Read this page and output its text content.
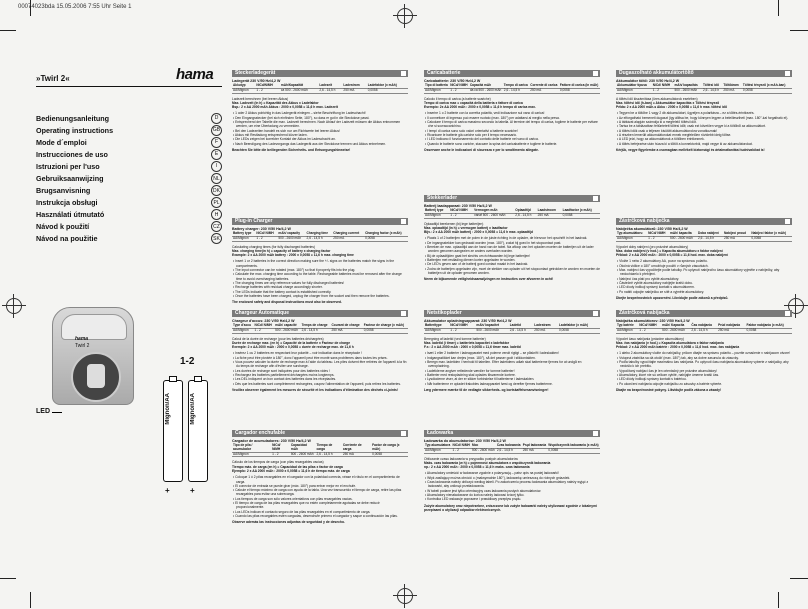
00074023bda 15.05.2006 7:55 Uhr Seite 1
»Twirl 2«	hama
Bedienungsanleitung	D
Operating instructions	GB
Mode d´emploi	F
Instrucciones de uso	E
Istruzioni per l'uso	I
Gebruiksaanwijzing	NL
Brugsanvisning	DK
Instrukcja obsługi	PL
Használati útmutató	H
Návod k použití	CZ
Návod na použitie	SK
hama
Twirl 2
LED
1-2
Mignon/AA	Mignon/AA
+	+
Steckerladegerät
Ladegerät 230 V/50 Hz/4,2 W
Akkutyp	NiCd/NiMH	mAh/Kapazität	Ladezeit	Ladestrom	Ladefaktor (x mAh)
AA/Mignon	1 - 2	ca 500 - 2600 mAh	2,6 - 14,5 h	250 mA	0,0058
Ladezeit berechnen (bei leeren Akkus)
Max. Ladezeit (in h) = Kapazität des Akkus x Ladefaktor
Bsp.: 2 x AA 2000 mAh Akkus : 2000 x 0,0058 = 11,6 h max. Ladezeit
• 1 oder 2 Akkus polrichtig in das Ladegerät einlegen – siehe Beschriftung im Ladeschacht!
• Den Eingangsstecker (bei sich einfinden Seite, 180°), so dass er gut in die Steckdose passt.
• Entsprechend der Tabelle die max. Ladezeit berechnen. Nach Ablauf der Ladezeit müssen die Akkus entnommen werden, um eine Überladung zu vermeiden.
• Bei den Ladezeiten handelt es sich nur um Richtwerte bei leeren Akkus!
• Akkus mit Restladung entsprechend kürzer laden.
• Die LEDs zeigen bei korrekter Kontakt der Akkus im Ladeschacht an.
• Nach Beendigung des Ladevorgangs das Ladegerät aus der Steckdose trennen und Akkus entnehmen.
Beachten Sie bitte die beiliegenden Sicherheits- und Entsorgungshinweise!
Plug-in Charger
Battery charger: 230 V/50 Hz/4,2 W
Battery type	NiCd/ NiMH	mAh/ capacity	Charging time	Charging current	Charging factor (x mAh)
AA/Mignon	1 - 2	500 - 2600 mAh	2,6 - 14,5 h	250 mA	0,0058
Calculating charging times (for fully discharged batteries)
Max. charging time(in h) = capacity of battery x charging factor
Example: 2 x AA 2000 mAh battery : 2000 x 0,0058 = 11,6 h max. charging time
• Insert 1 or 2 batteries in the correct direction making sure the +/- signs on the batteries match the signs in the compartments.
• The input connector can be rotated (max. 180°) so that it properly fits into the plug.
• Calculate the max. charging time according to the table. Rechargeable batteries must be removed after the charge time to avoid overcharging batteries.
• The charging times are only reference values for fully discharged batteries!
• Recharge batteries with residual charge accordingly shorter.
• The LEDs indicate that the battery contact is established correctly.
• Once the batteries have been charged, unplug the charger from the socket and then remove the batteries.
The enclosed safety and disposal instructions must also be observed.
Chargeur Automatique
Chargeur d'accus: 230 V/50 Hz/4,2 W
Type d'accu	NiCd/ NiMH	mAh/ capacité	Temps de charge	Courant de charge	Facteur de charge (x mAh)
AA/Mignon	1 - 2	500 - 2600 mAh	2,6 - 14,5 h	250 mA	0,0058
Calcul de la durée de recharge (pour les batteries déchargées)
Durée de recharge max. (en h) = Capacité de la batterie x Facteur de charge
Exemple: 2 x AA 2000 mAh : 2000 x 0,0058 = durée de recharge max. de 11,6 h
• Insérez 1 ou 2 batteries en respectant leur polarité – voir indication dans le réceptacle !
• La fiche peut être pivotée à 180°, donc l'appareil peut être monté sans problèmes dans toutes les prises.
• Vous pouvez calculer la durée de recharge max à l'aide du tableau. Les piles doivent être retirées de l'appareil à la fin du temps de recharge afin d'éviter une surcharge.
• Les durées de recharge sont indiquées pour des batteries vides !
• Rechargez les batteries partiellement déchargées moins longtemps.
• Les DEL indiquent un bon contact des batteries dans les réceptacles.
• Dès que les batteries sont complètement rechargées, coupez l'alimentation de l'appareil, puis retirez les batteries.
Veuillez observer également les mesures de sécurité et les indications d'élimination des déchets ci-joints!
Cargador enchufable
Cargador de acumuladores: 230 V/50 Hz/4,2 W
Tipo de pila / acumulador	NiCd/ NiMH	Capacidad mAh	Tiempo de carga	Corriente de carga	Factor de carga (x mAh)
AA/Mignon	1 - 2	500 - 2600 mAh	2,6 - 14,5 h	250 mA	0,0058
Cálculo de los tiempos de carga (con pilas recargables vacías)
Tiempo máx. de carga (en h) = Capacidad de las pilas x factor de carga
Ejemplo: 2 x AA 2000 mAh : 2000 x 0,0058 = 11,6 h de tiempo máx. de carga
• Coloque 1 ó 2 pilas recargables en el cargador con la polaridad correcta, véase el rótulo en el compartimiento de carga.
• El conector de entrada se puede girar (máx. 180°) para entrar mejor en el enchufe.
• Calcule el tiempo máximo de carga con ayuda de la tabla. Una vez transcurrido el tiempo de carga, retire las pilas recargables para evitar una sobrecarga.
• Los tiempos de carga son sólo valores orientativos con pilas recargables vacías.
• El tiempo de carga de las pilas recargables que no estén completamente agotadas se debe reducir proporcionalmente.
• Los LEDs indican el contacto seguro de las pilas recargables en el compartimiento de carga.
• Cuando las pilas recargables estén cargadas, desenchufe primero el cargador y saque a continuación las pilas.
Observe además las instrucciones adjuntas de seguridad y de desecho.
Caricabatterie
Caricabatterie: 230 V/50 Hz/4,2 W
Tipo di batteria	NiCd/ NiMH	Capacità mAh	Tempo di carica	Corrente di carica	Fattore di carica (in mAh)
AA/Mignon	1 - 2	da ca 500 - 2600 mAh	2,6 - 14,5 h	250 mA	0,0058
Calcolo il tempo di carica (a batterie scariche)
Tempo di carica max = capacità della batteria x fattore di carica
Esempio: 2x AA 2000 mAh : 2000 x 0,0058 = 11,6 h tempo di carica max.
• Inserire 1 o 2 batterie con la corretta polarità, vedi indicazione sul vano di carica!
• Il connettore di ingresso può essere ruotato (max. 180°) per adattarsi al meglio nella presa.
• Calcolare il tempo di carica massimo secondo la tabella. Al termine del tempo di carica, togliere le batterie per evitare che si sovraccarichino.
• I tempi di carica sono solo valori orientativi a batterie scariche!
• Ricaricare le batterie già cariche solo per il tempo necessario.
• I LED indicano il funzionamento del contatto delle batterie nel vano di carica.
• Quando le batterie sono cariche, staccare la spina del caricabatterie e togliere le batterie.
Osservare anche le indicazioni di sicurezza e per lo smaltimento allegate.
Stekkerlader
Batterij laadapparaat: 230 V/50 Hz/4,2 W
Batterij type	NiCd/ NiMH	Vermogen mAh	Oplaadtijd	Laadstroom	Laadfactor (x mAh)
AA/Mignon	1 - 2	vanaf 500 - 2600 mAh	2,6 - 14,5 h	250 mA	0,0058
Oplaadtijd berekenen (bij lege batterijen)
Max. oplaadtijd (in h) = vermogen batterij x laadfactor
Bijv.: 2 x AA 2000 mAh batterij : 2000 x 0,0058 = 11,6 h max. oplaadtijd
• Plaats 1 of 2 batterijen met de polen in de juiste richting in de oplader, de hiervoor het opschrift in het laadvak.
• De ingangsstekker kan gedraaid worden (max. 180°), zodat hij goed in het stopcontact past.
• Bereken de max. oplaadtijd aan de hand van de tabel. Na afloop van het opladen moeten de batterijen uit de lader worden genomen aangezien ze anders overladen worden.
• Bij de oplaadtijden gaat het slechts om richtwaarden bij lege batterijen!
• Batterijen met restlading dienen korter opgeladen te worden.
• De LED's geven aan of de batterij goed contact maakt in het laadvak.
• Zodra de batterijen opgeladen zijn, moet de stekker van oplader uit het stopcontact getrokken te worden en moeten de batterijen uit de oplader genomen worden.
Neem de bijkomende veiligheidsaanwijzingen en instructies over afvoeren in acht!
Netstikoplader
Akkumulator opladningsapparat: 230 V/50 Hz/4,2 W
Batteritype	NiCd/ NiMH	mAh/ kapacitet	Ladetid	Ladestrøm	Ladefaktor (x mAh)
AA/Mignon	1 - 2	500 - 2600 mAh	2,6 - 14,5 h	250 mA	0,0058
Beregning af ladetid (ved tomme batterier)
Max. ladetid (i timer) = batteriets kapacitet x ladefaktor
F.e.: 2 x AA 2000 mAh : 2000 x 0,0058 = 11,6 timer max. ladetid
• Isæt 1 eller 2 batterier i ladeapparatet med polerne vendt rigtigt – se påskrift i ladeskakten!
• Indgangsstikket kan drejes (max. 180°), så det passer godt i stikkontakten.
• Beregn max. ladetiden i henhold til tabellen. Efter ladetidens udløb skal batterierne fjernes for at undgå en overopladning.
• Ladetiderne angiver retledende værdier for tomme batterier!
• Batterier med restopladning skal oplades tilsvarende kortere.
• Lysdioderne viser, at der er sikker forbindelse til batterierne i ladeskakten.
• Når batterierne er opladet frakobles ladeapparatet først og derefter fjernes batterierne.
Læg ydermere mærke til de vedlagte sikkerheds- og bortskaffelsesanvisninger!
Ładowarka
Ładowarka do akumulatorów: 230 V/50 Hz/4,2 W
Typ akumulatora	NiCd/ NiMH	Moc	Czas ładowania	Prąd ładowania	Współczynnik ładowania (x mAh)
AA/Mignon	1 - 2	500 - 2600 mAh	2,6 - 14,5 h	250 mA	0,0058
Obliczanie czasu ładowania w przypadku pustych akumulatorów
Maks. czas ładowania (w h) = pojemność akumulatora x współczynnik ładowania
np.: 2 x AA 2000 mAh : 2000 x 0,0058 = 11,6 h maks. czas ładowania
• Akumulatory umieścić w ładowarce zgodnie z polaryzacją – patrz opis na pustej ładowarki!
• Wtyk zasilający można obrócić o (maksymalnie 180°), ładowarkę umieszczą do różnych gniazdek.
• Czas ładowania należy obliczyć według tabeli. Po zakończeniu procesu ładowania akumulatory należy wyjąć z ładowarki, aby uniknąć przeładowania.
• W tabeli podane jest tylko orientacyjny czas ładowania pustych akumulatorów.
• Akumulatory nienaładowane do końca należy ładować krócej tylko.
• Kontrolka LED wskazuje poprawne i prawidłowy przepływ prądu.
Zużyte akumulatory oraz niepotrzebne, zniszczone lub zużyte ładowarki należy utylizować zgodnie z lokalnymi przepisami o utylizacji odpadów elektronicznych.
Dugaszolható akkumulátortöltő
Akkumulátor töltő: 230 V/50 Hz/4,2 W
Akkumulátor típusa	NiCd/ NiMH	mAh/ kapacitás	Töltési idő	Töltőáram	Töltési tényező (x mAh-ban)
AA/Mignon	1 - 2	500 - 2600 mAh	2,6 - 14,5 h	250 mA	0,0058
A töltési idő kiszámítása (üres akkumulátorok esetében)
Max. töltési idő (h-ban) = Akkumulátor kapacitás x Töltési tényező
Példa: 2 x AA 2000 mAh-s Akku : 2000 x 0,0058 = 11,6 h max. töltési idő
• Tegyen be a töltőbe 1 vagy 2 db akkumulátort, ügyeljen a polaritásra – ez a töltés-érintkezés.
• Az elforgatható bemeneti dugaszt (igy állítsa be, hogy könnyen legyen a beleillesztheti (max. 180°-kal forgatható el).
• A táblázat alapján számolja ki a megfelelő töltési időt.
• Tartsa be a táblázatban feltüntetett töltési időt; csak ezt követően vegye ki a töltőből az akkumulátort.
• A töltési idők csak a teljesen kisütött akkumulátorokra vonatkoznak!
• A részben lemerült akkumulátorokat ennek megfelelően rövidebb ideig töltse.
• A LED jelzi, hogy az akkumulátorok a töltőben érintkeznek.
• A töltés befejezése után húzza ki a töltőt a konnektorból, majd vegye ki az akkumulátorokat.
Kérjük, vegye figyelembe a csomagban mellékelt biztonsági és ártalmatlanítási tudnivalókat is!
Zástrčková nabíječka
Nabíječka akumulátorů: 230 V/50 Hz/4,2 W
Typ akumulátoru	NiCd/ NiMH	mAh/ kapacita	Doba nabíjení	Nabíjecí proud	Nabíjecí faktor (x mAh)
AA/Mignon	1 - 2	500 - 2600 mAh	2,6 - 14,5 h	250 mA	0,0058
Výpočet doby nabíjení (pro prázdné akumulátory)
Max. doba nabíjení (v hod.) = Kapacita akumulátoru x faktor nabíjení
Příklad: 2 x AA 2000 mAh : 2000 x 0,0058 = 11,6 hod. max. doba nabíjení
• Vložte 1 nebo 2 akumulátory AA, pozor na správnou polaritu.
• Otočná vidlice o 180° umožňuje použití v různých zásuvkách.
• Max. nabíjecí čas vypočítejte podle tabulky. Po uplynutí nabíjecího času akumulátory vyjměte z nabíječky, aby nedocházelo k přebíjení.
• Nabíjecí čas platí pro vybité akumulátory.
• Částečně vybité akumulátory nabíjejte kratší dobu.
• LED diody indikují správný kontakt s akumulátorem.
• Po nabití odpojte nabíječku ze sítě a vyjměte akumulátory.
Dbejte bezpečnostních upozornění. Likvidujte podle zákonů a předpisů.
Zástrčková nabíjačka
Nabíjačka akumulátorov: 230 V/50 Hz/4,2 W
Typ batérie	NiCd/ NiMH	mAh/ Kapacita	Čas nabíjania	Prúd nabíjania	Faktor nabíjania (x mAh)
AA/Mignon	1 - 2	500 - 2600 mAh	2,6 - 14,5 h	250 mA	0,0058
Výpočet času nabíjania (prázdne akumulátory)
Max. čas nabíjania (v hod.) = Kapacita akumulátora x faktor nabíjania
Príklad: 2 x AA 2000 mAh batérie : 2000 x 0,0058 = 11,6 hod. max. čas nabíjania
• 1 alebo 2 akumulátory vložte do nabíjačky, pričom dbajte na správnu polaritu – pozrite označenie v nabíjacom otvore!
• Vstupná zástrčka sa dá otočiť (max. 180°) tak, aby sa dobre zasunula do zásuvky.
• Podľa tabuľky vypočítajte maximálnu čas nabíjania. Po uplynutí času nabíjania akumulátory vyberte z nabíjačky, aby nedošlo k ich prebitiu.
• Vypočítaný nabíjací čas je len orientačný pre prázdne akumulátory!
• Akumulátory, ktoré nie sú celkom vybité, nabíjajte úmerne kratší čas.
• LED diódy indikujú správny kontakt s batériou.
• Po ukončení nabíjania odpojte nabíjačku zo zásuvky a batérie vyberte.
Dbajte na bezpečnostné pokyny. Likvidujte podľa zákona a zásady!
